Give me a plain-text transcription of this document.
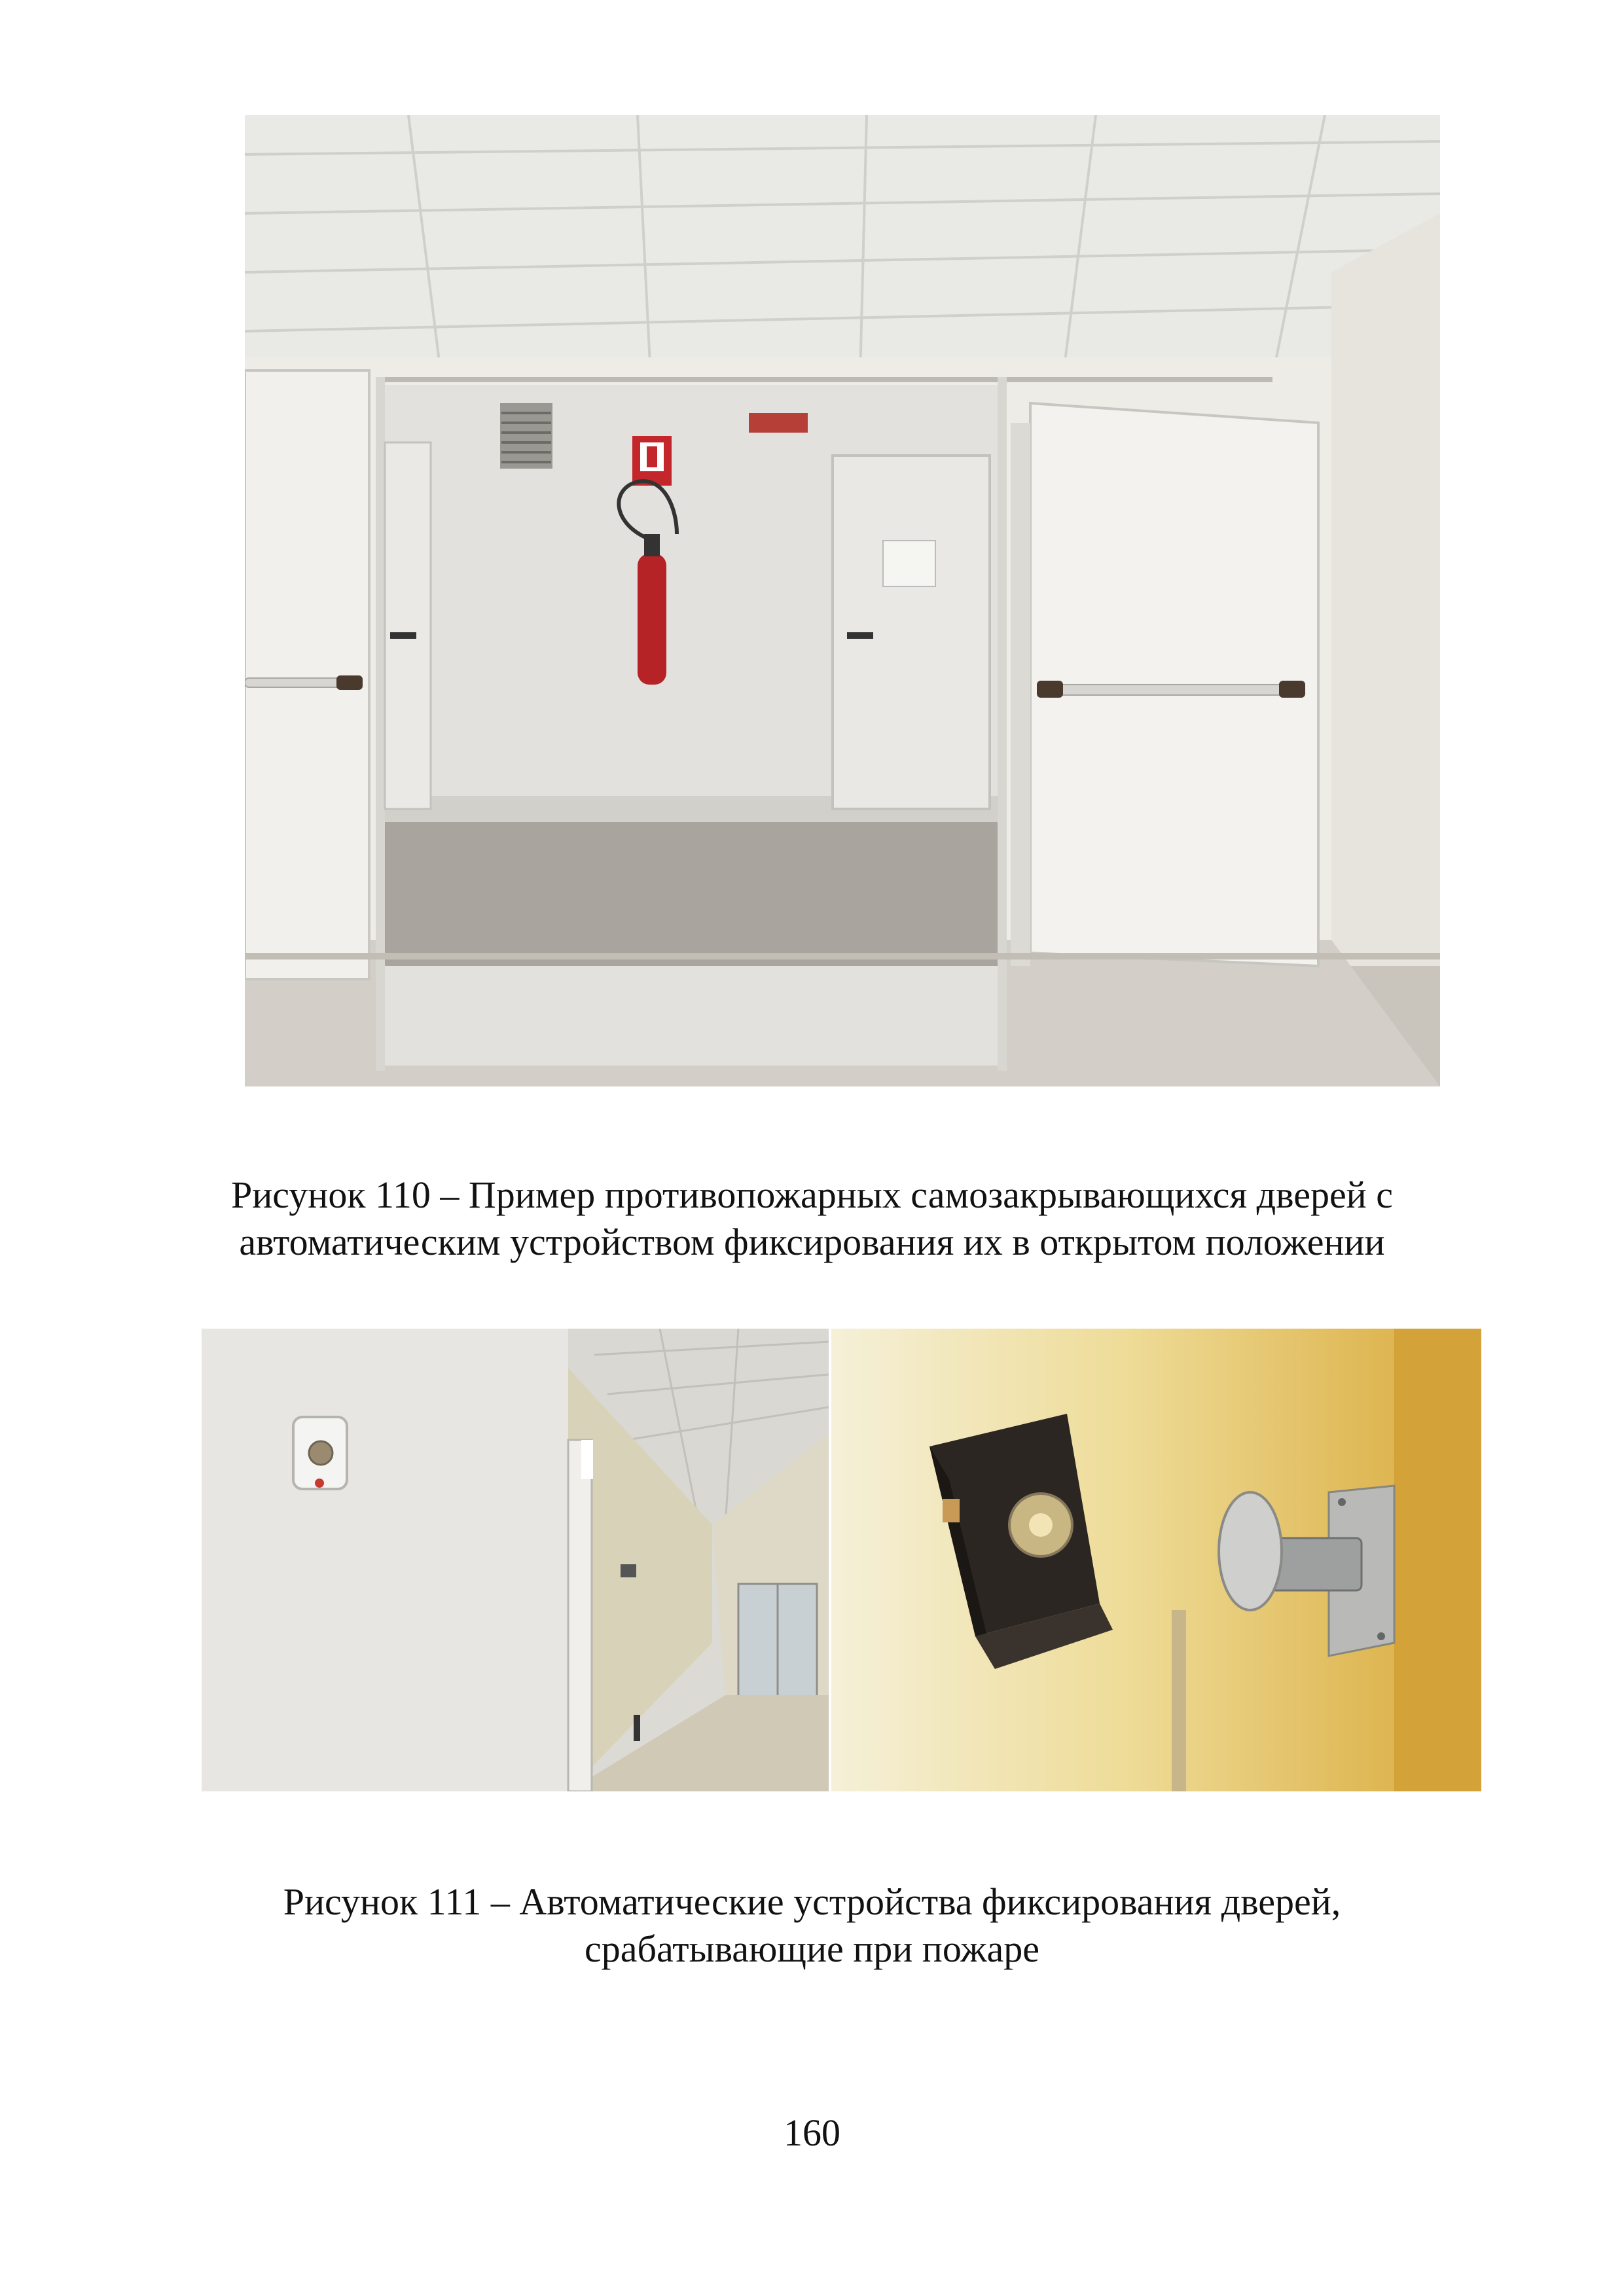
Рисунок 110 – Пример противопожарных самозакрывающихся дверей с
автоматическим устройством фиксирования их в открытом положении
Рисунок 111 – Автоматические устройства фиксирования дверей,
срабатывающие при пожаре
160
